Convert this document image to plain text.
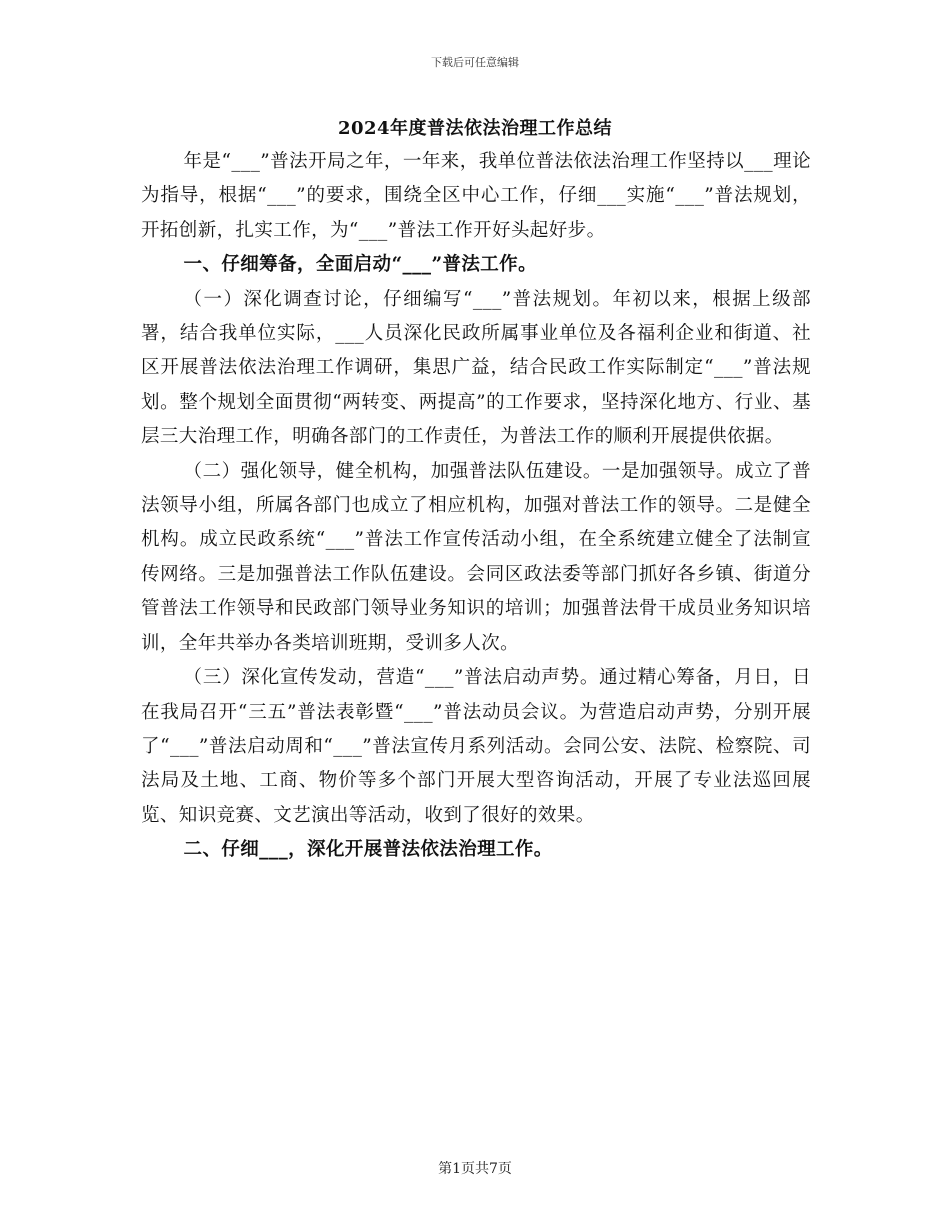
下载后可任意编辑
2024年度普法依法治理工作总结

年是“___”普法开局之年，一年来，我单位普法依法治理工作坚持以___理论为指导，根据“___”的要求，围绕全区中心工作，仔细___实施“___”普法规划，开拓创新，扎实工作，为“___”普法工作开好头起好步。

一、仔细筹备，全面启动“___”普法工作。

（一）深化调查讨论，仔细编写“___”普法规划。年初以来，根据上级部署，结合我单位实际，___人员深化民政所属事业单位及各福利企业和街道、社区开展普法依法治理工作调研，集思广益，结合民政工作实际制定“___”普法规划。整个规划全面贯彻“两转变、两提高”的工作要求，坚持深化地方、行业、基层三大治理工作，明确各部门的工作责任，为普法工作的顺利开展提供依据。

（二）强化领导，健全机构，加强普法队伍建设。一是加强领导。成立了普法领导小组，所属各部门也成立了相应机构，加强对普法工作的领导。二是健全机构。成立民政系统“___”普法工作宣传活动小组，在全系统建立健全了法制宣传网络。三是加强普法工作队伍建设。会同区政法委等部门抓好各乡镇、街道分管普法工作领导和民政部门领导业务知识的培训；加强普法骨干成员业务知识培训，全年共举办各类培训班期，受训多人次。

（三）深化宣传发动，营造“___”普法启动声势。通过精心筹备，月日，日在我局召开“三五”普法表彰暨“___”普法动员会议。为营造启动声势，分别开展了“___”普法启动周和“___”普法宣传月系列活动。会同公安、法院、检察院、司法局及土地、工商、物价等多个部门开展大型咨询活动，开展了专业法巡回展览、知识竞赛、文艺演出等活动，收到了很好的效果。

二、仔细___，深化开展普法依法治理工作。

第1页共7页
